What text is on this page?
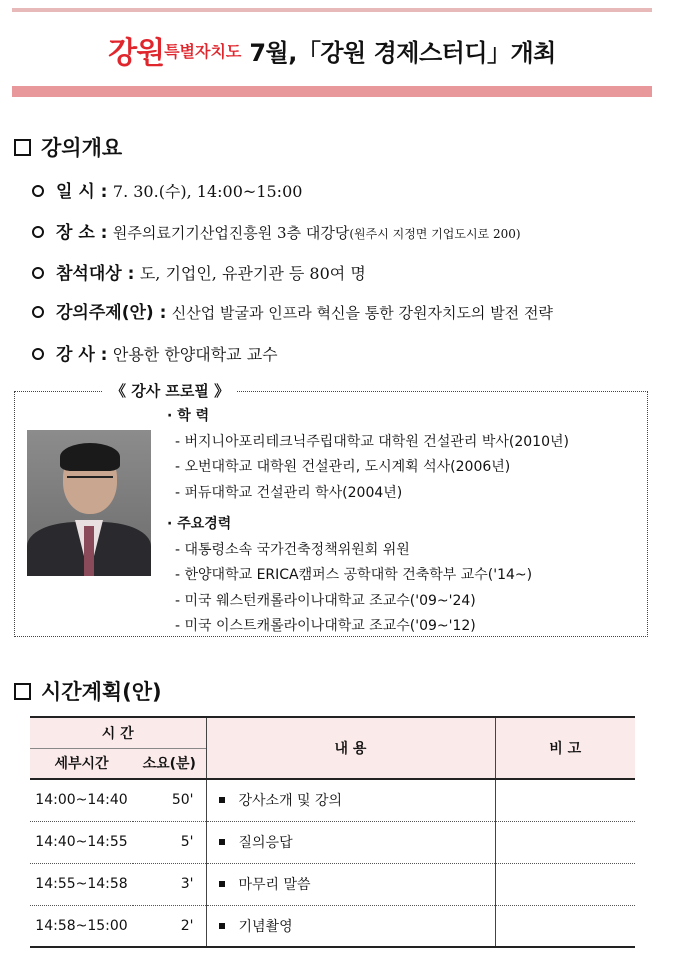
강원특별자치도 7월,「강원 경제스터디」개최
강의개요
일 시 : 7. 30.(수), 14:00~15:00
장 소 : 원주의료기기산업진흥원 3층 대강당(원주시 지정면 기업도시로 200)
참석대상 : 도, 기업인, 유관기관 등 80여 명
강의주제(안) : 신산업 발굴과 인프라 혁신을 통한 강원자치도의 발전 전략
강 사 : 안용한 한양대학교 교수
《 강사 프로필 》
· 학 력
- 버지니아포리테크닉주립대학교 대학원 건설관리 박사(2010년)
- 오번대학교 대학원 건설관리, 도시계획 석사(2006년)
- 퍼듀대학교 건설관리 학사(2004년)
· 주요경력
- 대통령소속 국가건축정책위원회 위원
- 한양대학교 ERICA캠퍼스 공학대학 건축학부 교수('14~)
- 미국 웨스턴캐롤라이나대학교 조교수('09~'24)
- 미국 이스트캐롤라이나대학교 조교수('09~'12)
시간계획(안)
시 간		내 용	비 고
세부시간	소요(분)		
14:00~14:40	50'	강사소개 및 강의	
14:40~14:55	5'	질의응답	
14:55~14:58	3'	마무리 말씀	
14:58~15:00	2'	기념촬영	
